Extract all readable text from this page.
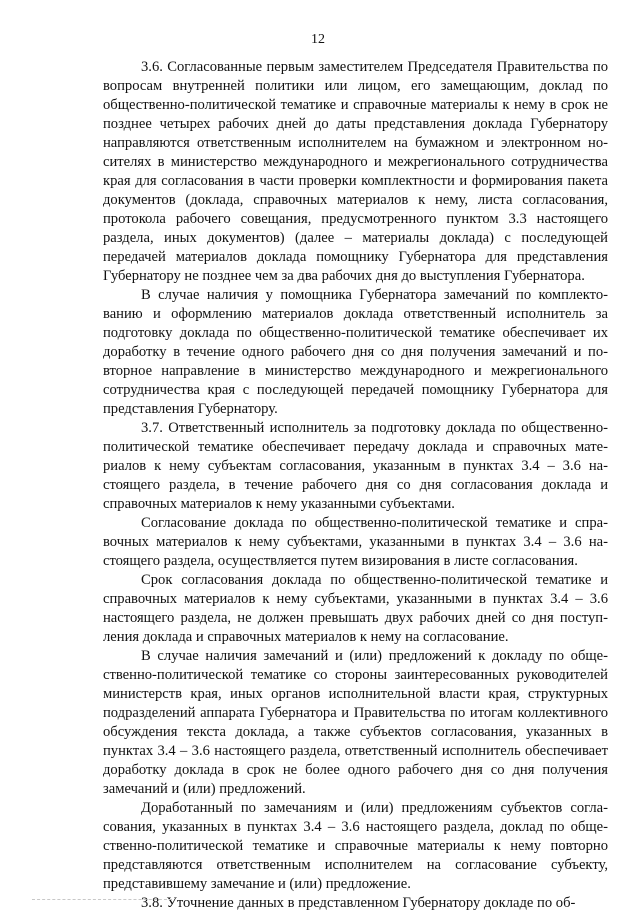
12

3.6. Согласованные первым заместителем Председателя Правительства по вопросам внутренней политики или лицом, его замещающим, доклад по общественно-политической тематике и справочные материалы к нему в срок не позднее четырех рабочих дней до даты представления доклада Губернатору направляются ответственным исполнителем на бумажном и электронном носителях в министерство международного и межрегионального сотрудничества края для согласования в части проверки комплектности и формирования пакета документов (доклада, справочных материалов к нему, листа согласования, протокола рабочего совещания, предусмотренного пунктом 3.3 настоящего раздела, иных документов) (далее – материалы доклада) с последующей передачей материалов доклада помощнику Губернатора для представления Губернатору не позднее чем за два рабочих дня до выступления Губернатора.

В случае наличия у помощника Губернатора замечаний по комплектованию и оформлению материалов доклада ответственный исполнитель за подготовку доклада по общественно-политической тематике обеспечивает их доработку в течение одного рабочего дня со дня получения замечаний и повторное направление в министерство международного и межрегионального сотрудничества края с последующей передачей помощнику Губернатора для представления Губернатору.

3.7. Ответственный исполнитель за подготовку доклада по общественно-политической тематике обеспечивает передачу доклада и справочных материалов к нему субъектам согласования, указанным в пунктах 3.4 – 3.6 настоящего раздела, в течение рабочего дня со дня согласования доклада и справочных материалов к нему указанными субъектами.

Согласование доклада по общественно-политической тематике и справочных материалов к нему субъектами, указанными в пунктах 3.4 – 3.6 настоящего раздела, осуществляется путем визирования в листе согласования.

Срок согласования доклада по общественно-политической тематике и справочных материалов к нему субъектами, указанными в пунктах 3.4 – 3.6 настоящего раздела, не должен превышать двух рабочих дней со дня поступления доклада и справочных материалов к нему на согласование.

В случае наличия замечаний и (или) предложений к докладу по общественно-политической тематике со стороны заинтересованных руководителей министерств края, иных органов исполнительной власти края, структурных подразделений аппарата Губернатора и Правительства по итогам коллективного обсуждения текста доклада, а также субъектов согласования, указанных в пунктах 3.4 – 3.6 настоящего раздела, ответственный исполнитель обеспечивает доработку доклада в срок не более одного рабочего дня со дня получения замечаний и (или) предложений.

Доработанный по замечаниям и (или) предложениям субъектов согласования, указанных в пунктах 3.4 – 3.6 настоящего раздела, доклад по общественно-политической тематике и справочные материалы к нему повторно представляются ответственным исполнителем на согласование субъекту, представившему замечание и (или) предложение.

3.8. Уточнение данных в представленном Губернатору докладе по об-
